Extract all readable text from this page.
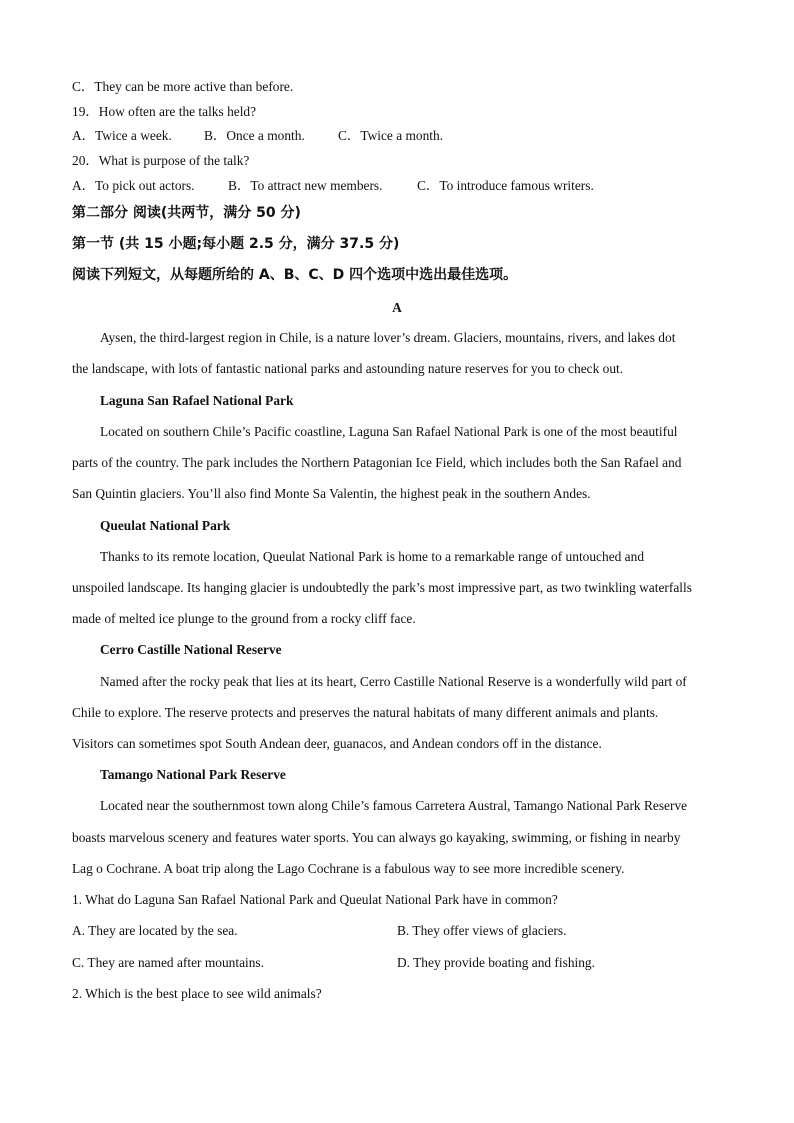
C．They can be more active than before.
19．How often are the talks held?
A．Twice a week. B．Once a month. C．Twice a month.
20．What is purpose of the talk?
A．To pick out actors. B．To attract new members.	C．To introduce famous writers.
第二部分 阅读(共两节，满分 50 分)
第一节 (共 15 小题;每小题 2.5 分，满分 37.5 分)
阅读下列短文，从每题所给的 A、B、C、D 四个选项中选出最佳选项。
A
Aysen, the third-largest region in Chile, is a nature lover’s dream. Glaciers, mountains, rivers, and lakes dot
the landscape, with lots of fantastic national parks and astounding nature reserves for you to check out.
Laguna San Rafael National Park
Located on southern Chile’s Pacific coastline, Laguna San Rafael National Park is one of the most beautiful
parts of the country. The park includes the Northern Patagonian Ice Field, which includes both the San Rafael and
San Quintin glaciers. You’ll also find Monte Sa Valentin, the highest peak in the southern Andes.
Queulat National Park
Thanks to its remote location, Queulat National Park is home to a remarkable range of untouched and
unspoiled landscape. Its hanging glacier is undoubtedly the park’s most impressive part, as two twinkling waterfalls
made of melted ice plunge to the ground from a rocky cliff face.
Cerro Castille National Reserve
Named after the rocky peak that lies at its heart, Cerro Castille National Reserve is a wonderfully wild part of
Chile to explore. The reserve protects and preserves the natural habitats of many different animals and plants.
Visitors can sometimes spot South Andean deer, guanacos, and Andean condors off in the distance.
Tamango National Park Reserve
Located near the southernmost town along Chile’s famous Carretera Austral, Tamango National Park Reserve
boasts marvelous scenery and features water sports. You can always go kayaking, swimming, or fishing in nearby
Lag o Cochrane. A boat trip along the Lago Cochrane is a fabulous way to see more incredible scenery.
1. What do Laguna San Rafael National Park and Queulat National Park have in common?
A. They are located by the sea.	B. They offer views of glaciers.
C. They are named after mountains.	D. They provide boating and fishing.
2. Which is the best place to see wild animals?
